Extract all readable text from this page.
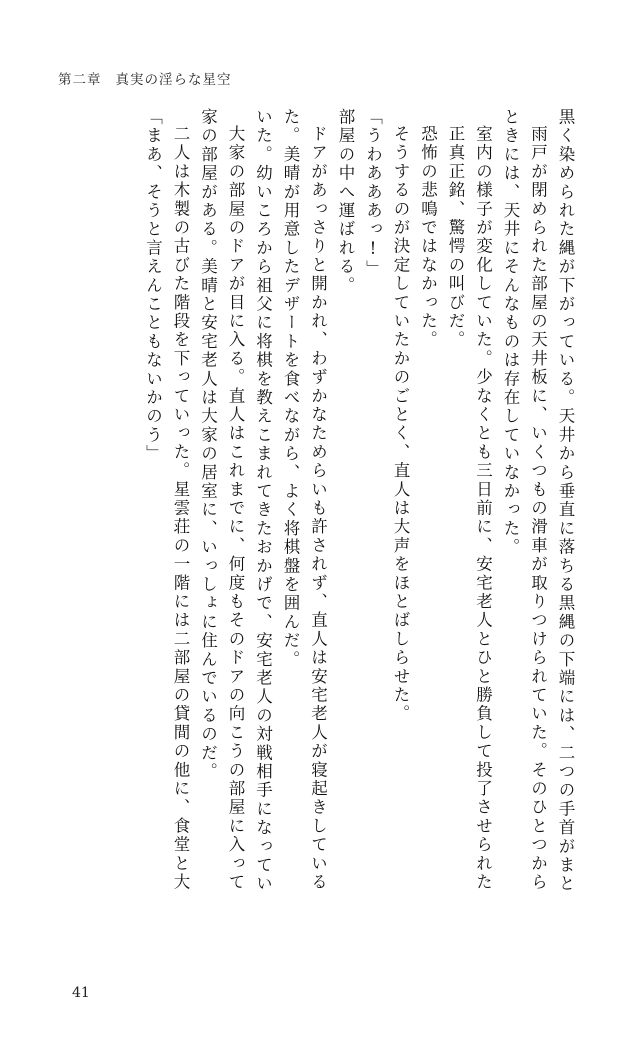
第二章 真実の淫らな星空
「まあ、そうと言えんこともないかのう」 二人は木製の古びた階段を下っていった。星雲荘の一階には二部屋の貸間の他に、食堂と大 家の部屋がある。美晴と安宅老人は大家の居室に、いっしょに住んでいるのだ。 大家の部屋のドアが目に入る。直人はこれまでに、何度もそのドアの向こうの部屋に入って いた。幼いころから祖父に将棋を教えこまれてきたおかげで、安宅老人の対戦相手になってい た。美晴が用意したデザートを食べながら、よく将棋盤を囲んだ。 ドアがあっさりと開かれ、わずかなためらいも許されず、直人は安宅老人が寝起きしている 部屋の中へ運ばれる。 「うわあああっ!」 そうするのが決定していたかのごとく、直人は大声をほとばしらせた。 恐怖の悲鳴ではなかった。 正真正銘、驚愕の叫びだ。 室内の様子が変化していた。少なくとも三日前に、安宅老人とひと勝負して投了させられた ときには、天井にそんなものは存在していなかった。 雨戸が閉められた部屋の天井板に、いくつもの滑車が取りつけられていた。そのひとつから 黒く染められた縄が下がっている。天井から垂直に落ちる黒縄の下端には、二つの手首がまと
41
